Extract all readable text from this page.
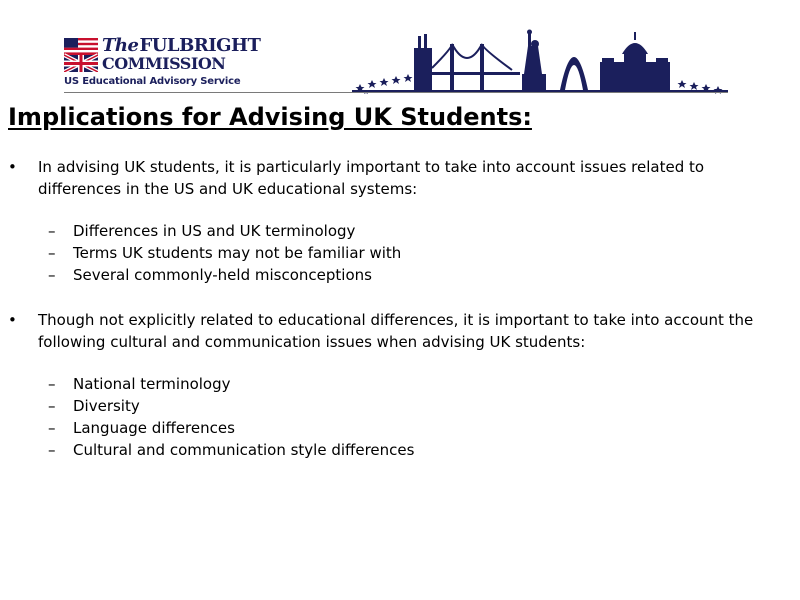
TheFULBRIGHT
COMMISSION
US Educational Advisory Service
Implications for Advising UK Students:
•	In advising UK students, it is particularly important to take into account issues related to differences in the US and UK educational systems:
– Differences in US and UK terminology
– Terms UK students may not be familiar with
– Several commonly-held misconceptions
•	Though not explicitly related to educational differences, it is important to take into account the following cultural and communication issues when advising UK students:
– National terminology
– Diversity
– Language differences
– Cultural and communication style differences
